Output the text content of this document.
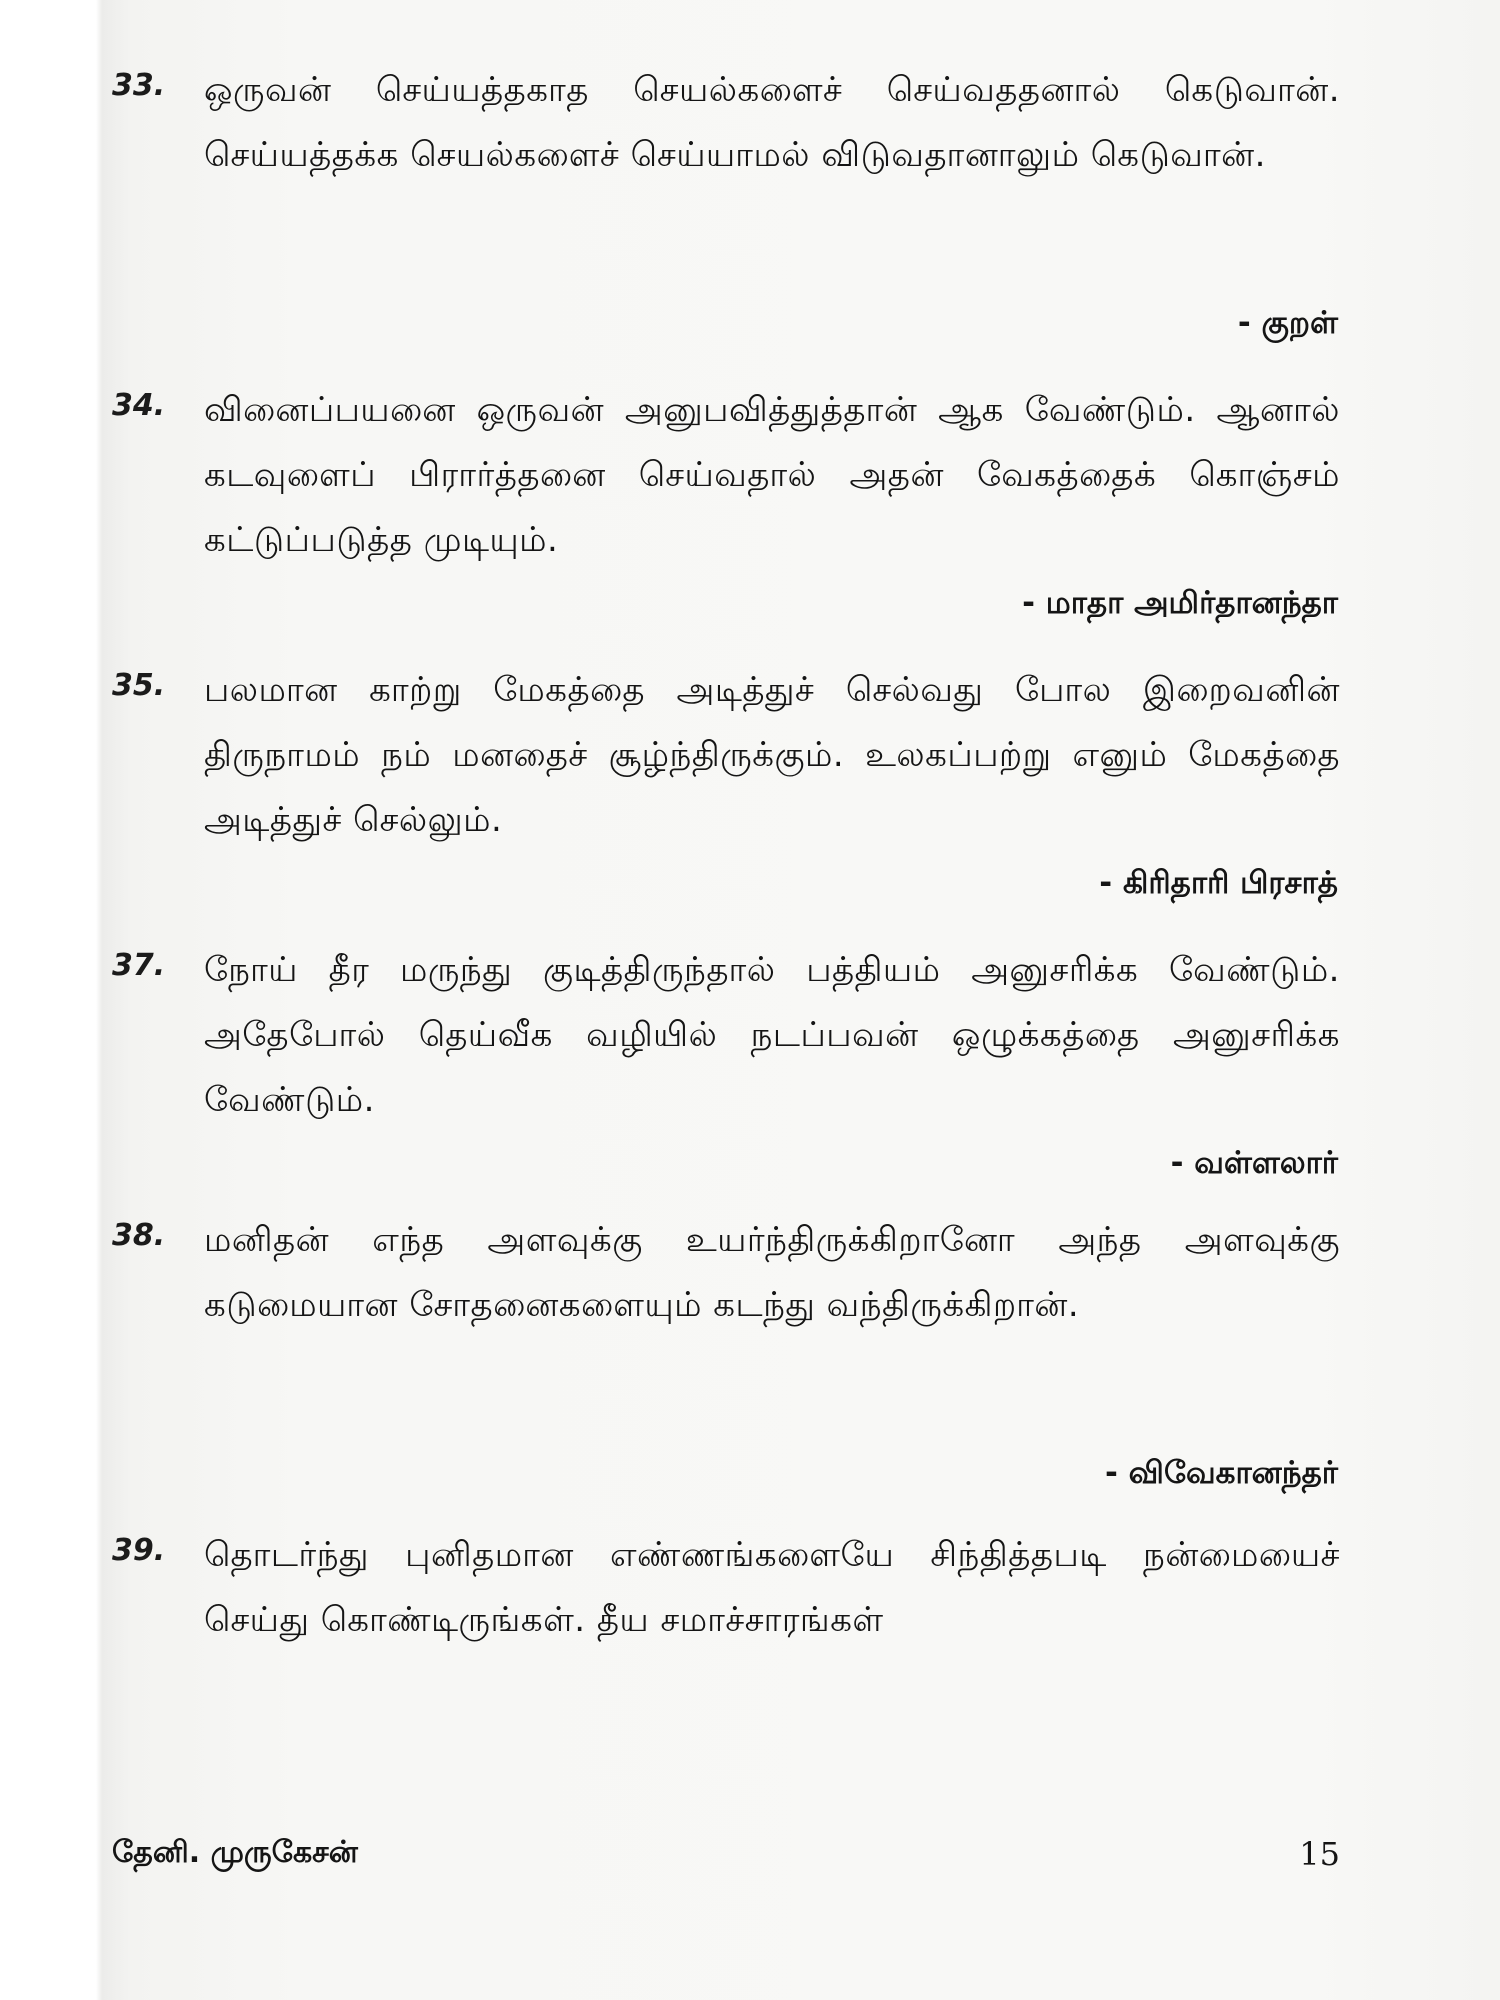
33.	ஒருவன் செய்யத்தகாத செயல்களைச் செய்வததனால் கெடுவான். செய்யத்தக்க செயல்களைச் செய்யாமல் விடுவதானாலும் கெடுவான்.
- குறள்
34.	வினைப்பயனை ஒருவன் அனுபவித்துத்தான் ஆக வேண்டும். ஆனால் கடவுளைப் பிரார்த்தனை செய்வதால் அதன் வேகத்தைக் கொஞ்சம் கட்டுப்படுத்த முடியும்.
- மாதா அமிர்தானந்தா
35.	பலமான காற்று மேகத்தை அடித்துச் செல்வது போல இறைவனின் திருநாமம் நம் மனதைச் சூழ்ந்திருக்கும். உலகப்பற்று எனும் மேகத்தை அடித்துச் செல்லும்.
- கிரிதாரி பிரசாத்
37.	நோய் தீர மருந்து குடித்திருந்தால் பத்தியம் அனுசரிக்க வேண்டும். அதேபோல் தெய்வீக வழியில் நடப்பவன் ஒழுக்கத்தை அனுசரிக்க வேண்டும்.
- வள்ளலார்
38.	மனிதன் எந்த அளவுக்கு உயர்ந்திருக்கிறானோ அந்த அளவுக்கு கடுமையான சோதனைகளையும் கடந்து வந்திருக்கிறான்.
- விவேகானந்தர்
39.	தொடர்ந்து புனிதமான எண்ணங்களையே சிந்தித்தபடி நன்மையைச் செய்து கொண்டிருங்கள். தீய சமாச்சாரங்கள்
தேனி. முருகேசன்	15
